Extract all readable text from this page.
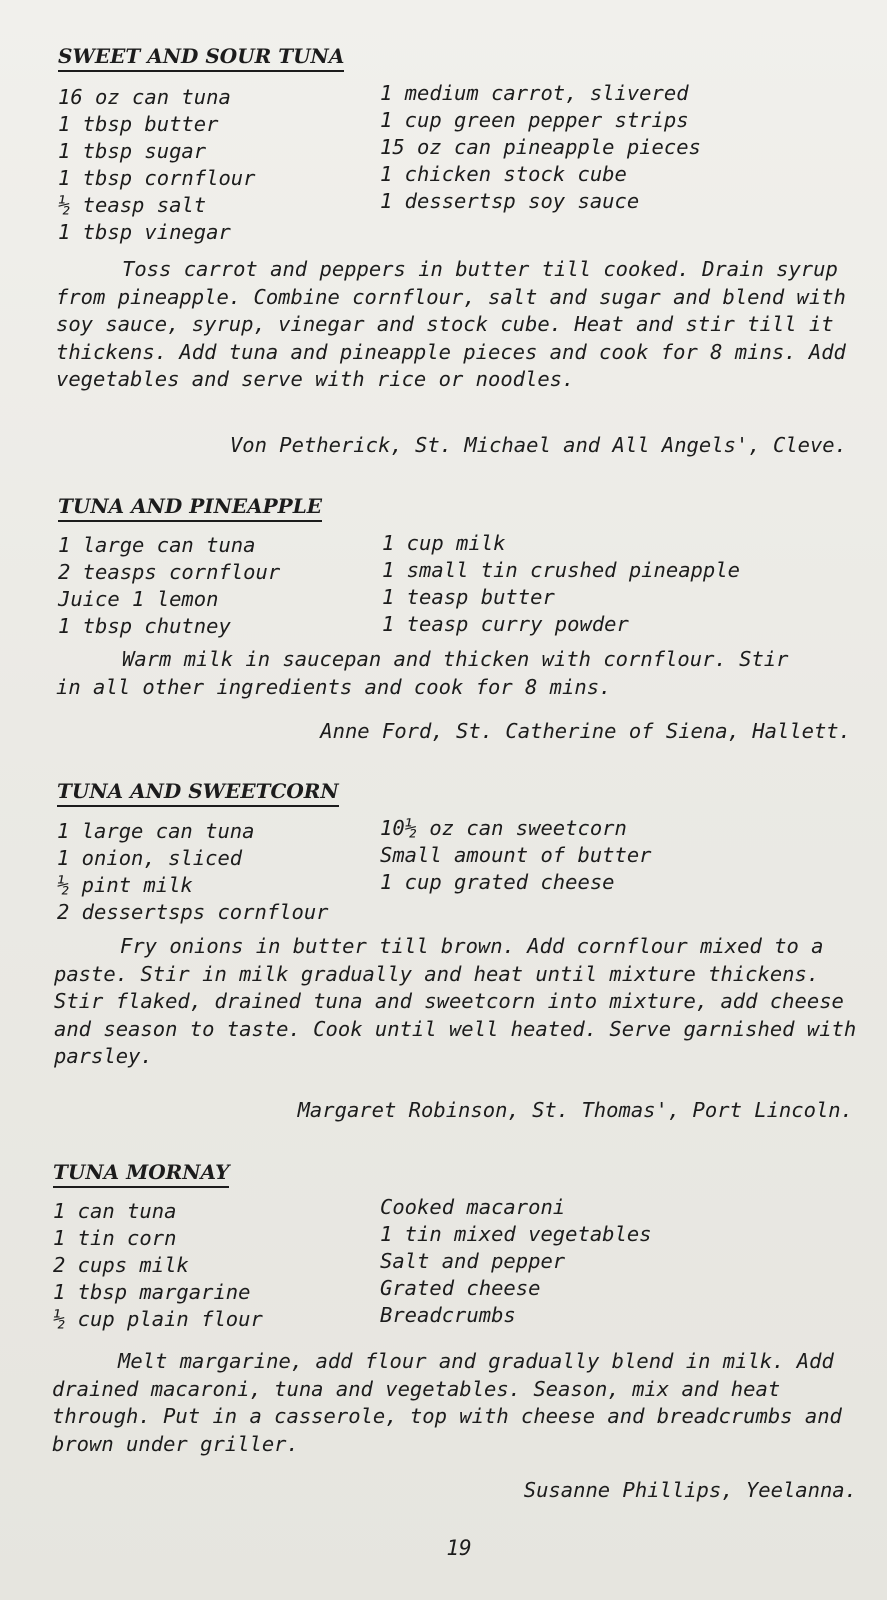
SWEET AND SOUR TUNA
16 oz can tuna
1 tbsp butter
1 tbsp sugar
1 tbsp cornflour
½ teasp salt
1 tbsp vinegar
1 medium carrot, slivered
1 cup green pepper strips
15 oz can pineapple pieces
1 chicken stock cube
1 dessertsp soy sauce

Toss carrot and peppers in butter till cooked. Drain syrup from pineapple. Combine cornflour, salt and sugar and blend with soy sauce, syrup, vinegar and stock cube. Heat and stir till it thickens. Add tuna and pineapple pieces and cook for 8 mins. Add vegetables and serve with rice or noodles.

Von Petherick, St. Michael and All Angels', Cleve.
TUNA AND PINEAPPLE
1 large can tuna
2 teasps cornflour
Juice 1 lemon
1 tbsp chutney
1 cup milk
1 small tin crushed pineapple
1 teasp butter
1 teasp curry powder

Warm milk in saucepan and thicken with cornflour. Stir in all other ingredients and cook for 8 mins.

Anne Ford, St. Catherine of Siena, Hallett.
TUNA AND SWEETCORN
1 large can tuna
1 onion, sliced
½ pint milk
2 dessertsps cornflour
10½ oz can sweetcorn
Small amount of butter
1 cup grated cheese

Fry onions in butter till brown. Add cornflour mixed to a paste. Stir in milk gradually and heat until mixture thickens. Stir flaked, drained tuna and sweetcorn into mixture, add cheese and season to taste. Cook until well heated. Serve garnished with parsley.

Margaret Robinson, St. Thomas', Port Lincoln.
TUNA MORNAY
1 can tuna
1 tin corn
2 cups milk
1 tbsp margarine
½ cup plain flour
Cooked macaroni
1 tin mixed vegetables
Salt and pepper
Grated cheese
Breadcrumbs

Melt margarine, add flour and gradually blend in milk. Add drained macaroni, tuna and vegetables. Season, mix and heat through. Put in a casserole, top with cheese and breadcrumbs and brown under griller.

Susanne Phillips, Yeelanna.
19
